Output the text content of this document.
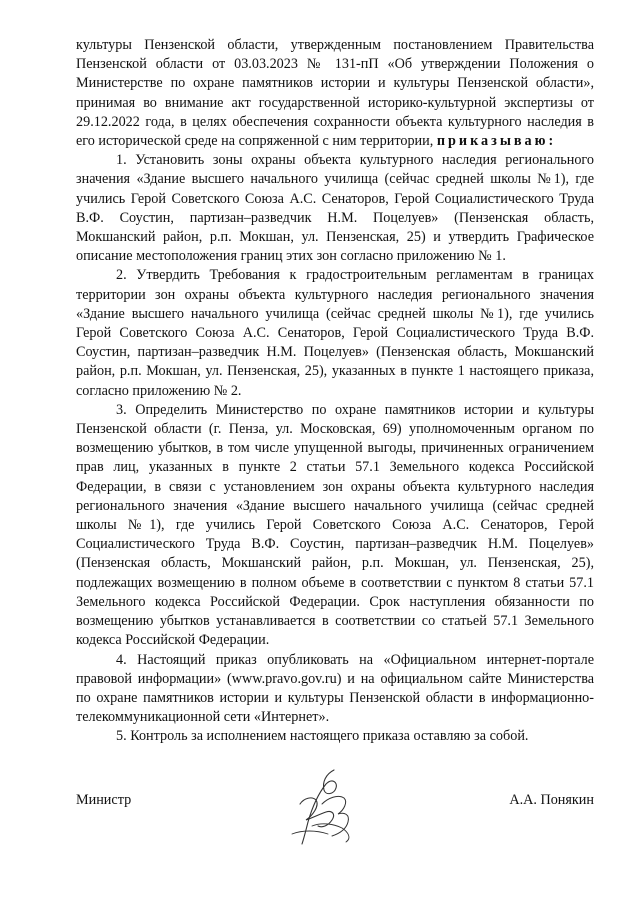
культуры Пензенской области, утвержденным постановлением Правительства Пензенской области от 03.03.2023 № 131-пП «Об утверждении Положения о Министерстве по охране памятников истории и культуры Пензенской области», принимая во внимание акт государственной историко-культурной экспертизы от 29.12.2022 года, в целях обеспечения сохранности объекта культурного наследия в его исторической среде на сопряженной с ним территории, приказываю:

1. Установить зоны охраны объекта культурного наследия регионального значения «Здание высшего начального училища (сейчас средней школы №1), где учились Герой Советского Союза А.С. Сенаторов, Герой Социалистического Труда В.Ф. Соустин, партизан–разведчик Н.М. Поцелуев» (Пензенская область, Мокшанский район, р.п. Мокшан, ул. Пензенская, 25) и утвердить Графическое описание местоположения границ этих зон согласно приложению № 1.

2. Утвердить Требования к градостроительным регламентам в границах территории зон охраны объекта культурного наследия регионального значения «Здание высшего начального училища (сейчас средней школы №1), где учились Герой Советского Союза А.С. Сенаторов, Герой Социалистического Труда В.Ф. Соустин, партизан–разведчик Н.М. Поцелуев» (Пензенская область, Мокшанский район, р.п. Мокшан, ул. Пензенская, 25), указанных в пункте 1 настоящего приказа, согласно приложению № 2.

3. Определить Министерство по охране памятников истории и культуры Пензенской области (г. Пенза, ул. Московская, 69) уполномоченным органом по возмещению убытков, в том числе упущенной выгоды, причиненных ограничением прав лиц, указанных в пункте 2 статьи 57.1 Земельного кодекса Российской Федерации, в связи с установлением зон охраны объекта культурного наследия регионального значения «Здание высшего начального училища (сейчас средней школы №1), где учились Герой Советского Союза А.С. Сенаторов, Герой Социалистического Труда В.Ф. Соустин, партизан–разведчик Н.М. Поцелуев» (Пензенская область, Мокшанский район, р.п. Мокшан, ул. Пензенская, 25), подлежащих возмещению в полном объеме в соответствии с пунктом 8 статьи 57.1 Земельного кодекса Российской Федерации. Срок наступления обязанности по возмещению убытков устанавливается в соответствии со статьей 57.1 Земельного кодекса Российской Федерации.

4. Настоящий приказ опубликовать на «Официальном интернет-портале правовой информации» (www.pravo.gov.ru) и на официальном сайте Министерства по охране памятников истории и культуры Пензенской области в информационно-телекоммуникационной сети «Интернет».

5. Контроль за исполнением настоящего приказа оставляю за собой.

Министр	А.А. Понякин
